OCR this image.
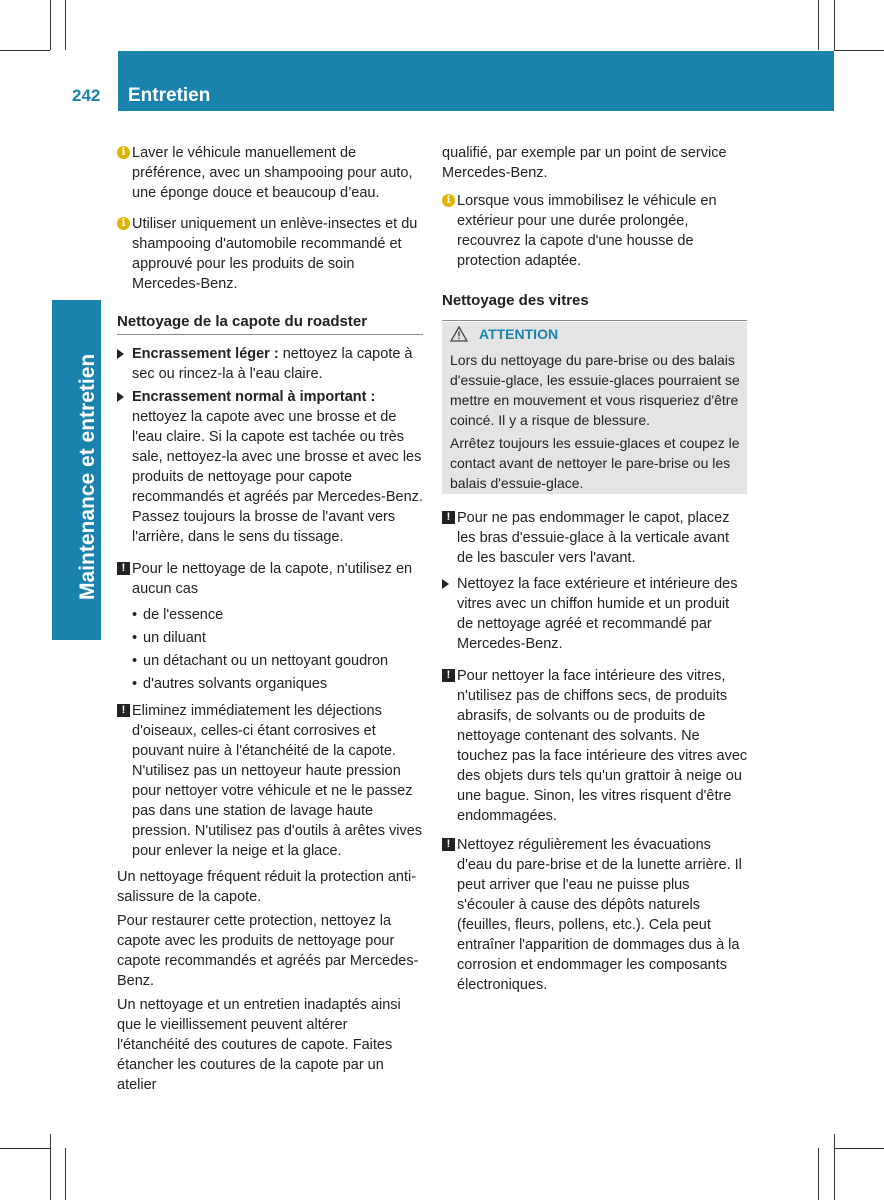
242 Entretien
Maintenance et entretien
i Laver le véhicule manuellement de préférence, avec un shampooing pour auto, une éponge douce et beaucoup d’eau.

i Utiliser uniquement un enlève-insectes et du shampooing d'automobile recommandé et approuvé pour les produits de soin Mercedes-Benz.

Nettoyage de la capote du roadster

Encrassement léger : nettoyez la capote à sec ou rincez-la à l'eau claire.

Encrassement normal à important : nettoyez la capote avec une brosse et de l'eau claire. Si la capote est tachée ou très sale, nettoyez-la avec une brosse et avec les produits de nettoyage pour capote recommandés et agréés par Mercedes-Benz. Passez toujours la brosse de l'avant vers l'arrière, dans le sens du tissage.

! Pour le nettoyage de la capote, n'utilisez en aucun cas

• de l'essence
• un diluant
• un détachant ou un nettoyant goudron
• d'autres solvants organiques
! Eliminez immédiatement les déjections d'oiseaux, celles-ci étant corrosives et pouvant nuire à l'étanchéité de la capote. N'utilisez pas un nettoyeur haute pression pour nettoyer votre véhicule et ne le passez pas dans une station de lavage haute pression. N'utilisez pas d'outils à arêtes vives pour enlever la neige et la glace.

Un nettoyage fréquent réduit la protection anti-salissure de la capote.

Pour restaurer cette protection, nettoyez la capote avec les produits de nettoyage pour capote recommandés et agréés par Mercedes-Benz.

Un nettoyage et un entretien inadaptés ainsi que le vieillissement peuvent altérer l'étanchéité des coutures de capote. Faites étancher les coutures de la capote par un atelier

qualifié, par exemple par un point de service Mercedes-Benz.

i Lorsque vous immobilisez le véhicule en extérieur pour une durée prolongée, recouvrez la capote d'une housse de protection adaptée.

Nettoyage des vitres
ATTENTION

Lors du nettoyage du pare-brise ou des balais d'essuie-glace, les essuie-glaces pourraient se mettre en mouvement et vous risqueriez d'être coincé. Il y a risque de blessure.

Arrêtez toujours les essuie-glaces et coupez le contact avant de nettoyer le pare-brise ou les balais d'essuie-glace.

! Pour ne pas endommager le capot, placez les bras d'essuie-glace à la verticale avant de les basculer vers l'avant.

Nettoyez la face extérieure et intérieure des vitres avec un chiffon humide et un produit de nettoyage agréé et recommandé par Mercedes-Benz.

! Pour nettoyer la face intérieure des vitres, n'utilisez pas de chiffons secs, de produits abrasifs, de solvants ou de produits de nettoyage contenant des solvants. Ne touchez pas la face intérieure des vitres avec des objets durs tels qu'un grattoir à neige ou une bague. Sinon, les vitres risquent d'être endommagées.

! Nettoyez régulièrement les évacuations d'eau du pare-brise et de la lunette arrière. Il peut arriver que l'eau ne puisse plus s'écouler à cause des dépôts naturels (feuilles, fleurs, pollens, etc.). Cela peut entraîner l'apparition de dommages dus à la corrosion et endommager les composants électroniques.
